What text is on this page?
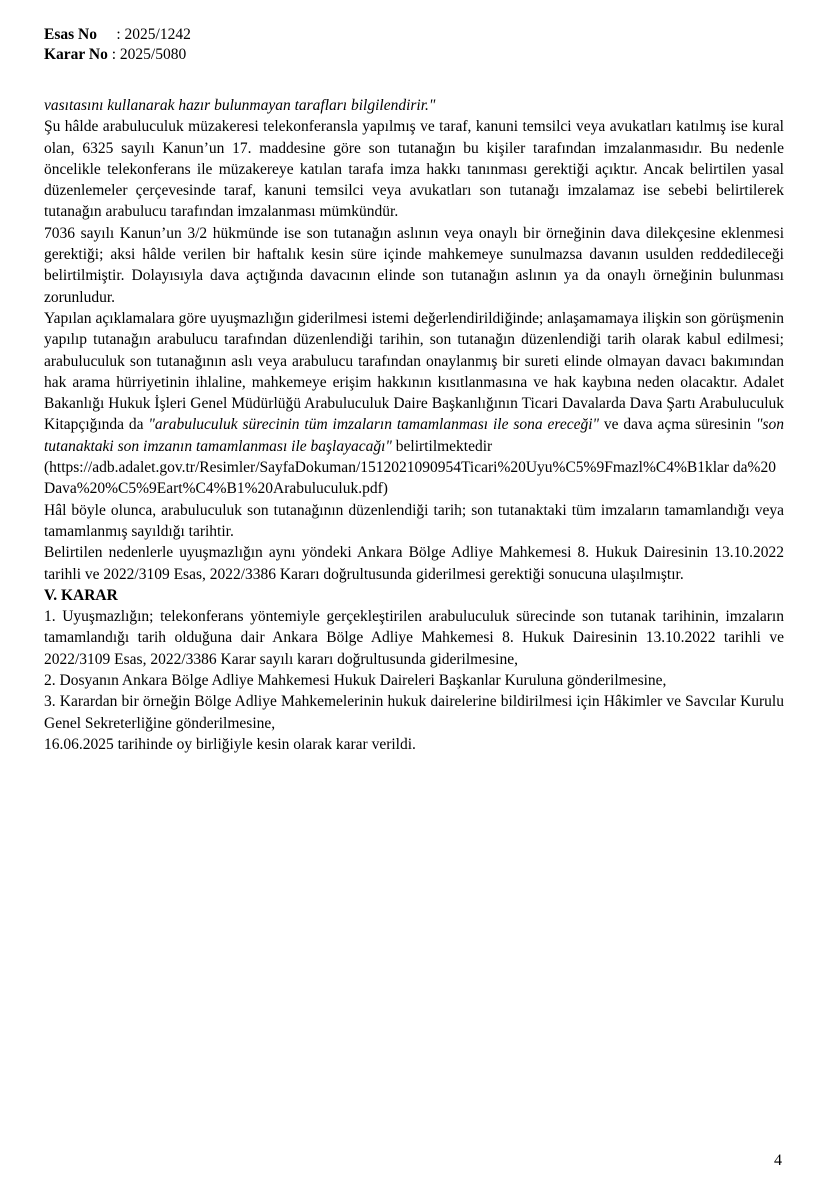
Esas No : 2025/1242
Karar No : 2025/5080

vasıtasını kullanarak hazır bulunmayan tarafları bilgilendirir."

Şu hâlde arabuluculuk müzakeresi telekonferansla yapılmış ve taraf, kanuni temsilci veya avukatları katılmış ise kural olan, 6325 sayılı Kanun’un 17. maddesine göre son tutanağın bu kişiler tarafından imzalanmasıdır. Bu nedenle öncelikle telekonferans ile müzakereye katılan tarafa imza hakkı tanınması gerektiği açıktır. Ancak belirtilen yasal düzenlemeler çerçevesinde taraf, kanuni temsilci veya avukatları son tutanağı imzalamaz ise sebebi belirtilerek tutanağın arabulucu tarafından imzalanması mümkündür.

7036 sayılı Kanun’un 3/2 hükmünde ise son tutanağın aslının veya onaylı bir örneğinin dava dilekçesine eklenmesi gerektiği; aksi hâlde verilen bir haftalık kesin süre içinde mahkemeye sunulmazsa davanın usulden reddedileceği belirtilmiştir. Dolayısıyla dava açtığında davacının elinde son tutanağın aslının ya da onaylı örneğinin bulunması zorunludur.

Yapılan açıklamalara göre uyuşmazlığın giderilmesi istemi değerlendirildiğinde; anlaşamamaya ilişkin son görüşmenin yapılıp tutanağın arabulucu tarafından düzenlendiği tarihin, son tutanağın düzenlendiği tarih olarak kabul edilmesi; arabuluculuk son tutanağının aslı veya arabulucu tarafından onaylanmış bir sureti elinde olmayan davacı bakımından hak arama hürriyetinin ihlaline, mahkemeye erişim hakkının kısıtlanmasına ve hak kaybına neden olacaktır. Adalet Bakanlığı Hukuk İşleri Genel Müdürlüğü Arabuluculuk Daire Başkanlığının Ticari Davalarda Dava Şartı Arabuluculuk Kitapçığında da "arabuluculuk sürecinin tüm imzaların tamamlanması ile sona ereceği" ve dava açma süresinin "son tutanaktaki son imzanın tamamlanması ile başlayacağı" belirtilmektedir

(https://adb.adalet.gov.tr/Resimler/SayfaDokuman/1512021090954Ticari%20Uyu%C5%9Fmazl%C4%B1klar da%20Dava%20%C5%9Eart%C4%B1%20Arabuluculuk.pdf)

Hâl böyle olunca, arabuluculuk son tutanağının düzenlendiği tarih; son tutanaktaki tüm imzaların tamamlandığı veya tamamlanmış sayıldığı tarihtir.

Belirtilen nedenlerle uyuşmazlığın aynı yöndeki Ankara Bölge Adliye Mahkemesi 8. Hukuk Dairesinin 13.10.2022 tarihli ve 2022/3109 Esas, 2022/3386 Kararı doğrultusunda giderilmesi gerektiği sonucuna ulaşılmıştır.

V. KARAR

1. Uyuşmazlığın; telekonferans yöntemiyle gerçekleştirilen arabuluculuk sürecinde son tutanak tarihinin, imzaların tamamlandığı tarih olduğuna dair Ankara Bölge Adliye Mahkemesi 8. Hukuk Dairesinin 13.10.2022 tarihli ve 2022/3109 Esas, 2022/3386 Karar sayılı kararı doğrultusunda giderilmesine,

2. Dosyanın Ankara Bölge Adliye Mahkemesi Hukuk Daireleri Başkanlar Kuruluna gönderilmesine,

3. Karardan bir örneğin Bölge Adliye Mahkemelerinin hukuk dairelerine bildirilmesi için Hâkimler ve Savcılar Kurulu Genel Sekreterliğine gönderilmesine,

16.06.2025 tarihinde oy birliğiyle kesin olarak karar verildi.

4
